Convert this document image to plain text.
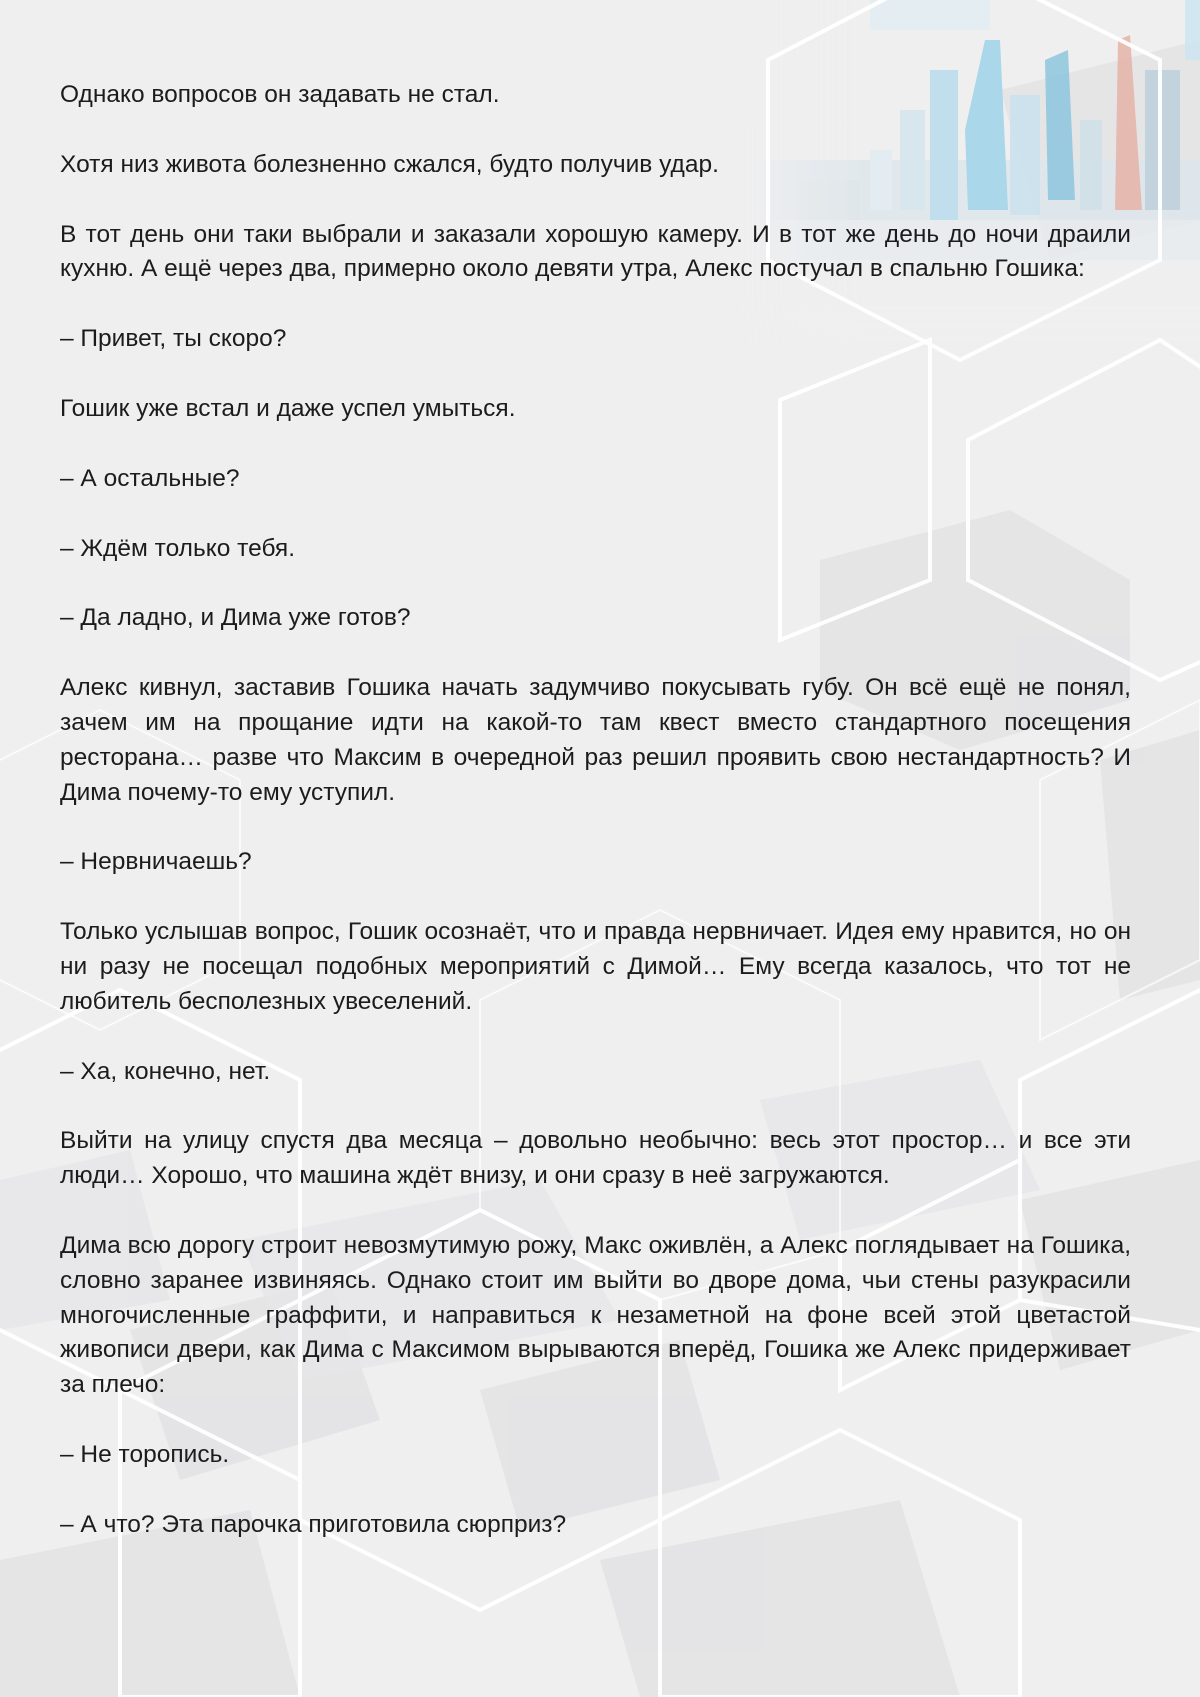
Однако вопросов он задавать не стал.

Хотя низ живота болезненно сжался, будто получив удар.

В тот день они таки выбрали и заказали хорошую камеру. И в тот же день до ночи драили кухню. А ещё через два, примерно около девяти утра, Алекс постучал в спальню Гошика:

– Привет, ты скоро?

Гошик уже встал и даже успел умыться.

– А остальные?

– Ждём только тебя.

– Да ладно, и Дима уже готов?

Алекс кивнул, заставив Гошика начать задумчиво покусывать губу. Он всё ещё не понял, зачем им на прощание идти на какой-то там квест вместо стандартного посещения ресторана… разве что Максим в очередной раз решил проявить свою нестандартность? И Дима почему-то ему уступил.

– Нервничаешь?

Только услышав вопрос, Гошик осознаёт, что и правда нервничает. Идея ему нравится, но он ни разу не посещал подобных мероприятий с Димой… Ему всегда казалось, что тот не любитель бесполезных увеселений.

– Ха, конечно, нет.

Выйти на улицу спустя два месяца – довольно необычно: весь этот простор… и все эти люди… Хорошо, что машина ждёт внизу, и они сразу в неё загружаются.

Дима всю дорогу строит невозмутимую рожу, Макс оживлён, а Алекс поглядывает на Гошика, словно заранее извиняясь. Однако стоит им выйти во дворе дома, чьи стены разукрасили многочисленные граффити, и направиться к незаметной на фоне всей этой цветастой живописи двери, как Дима с Максимом вырываются вперёд, Гошика же Алекс придерживает за плечо:

– Не торопись.

– А что? Эта парочка приготовила сюрприз?
